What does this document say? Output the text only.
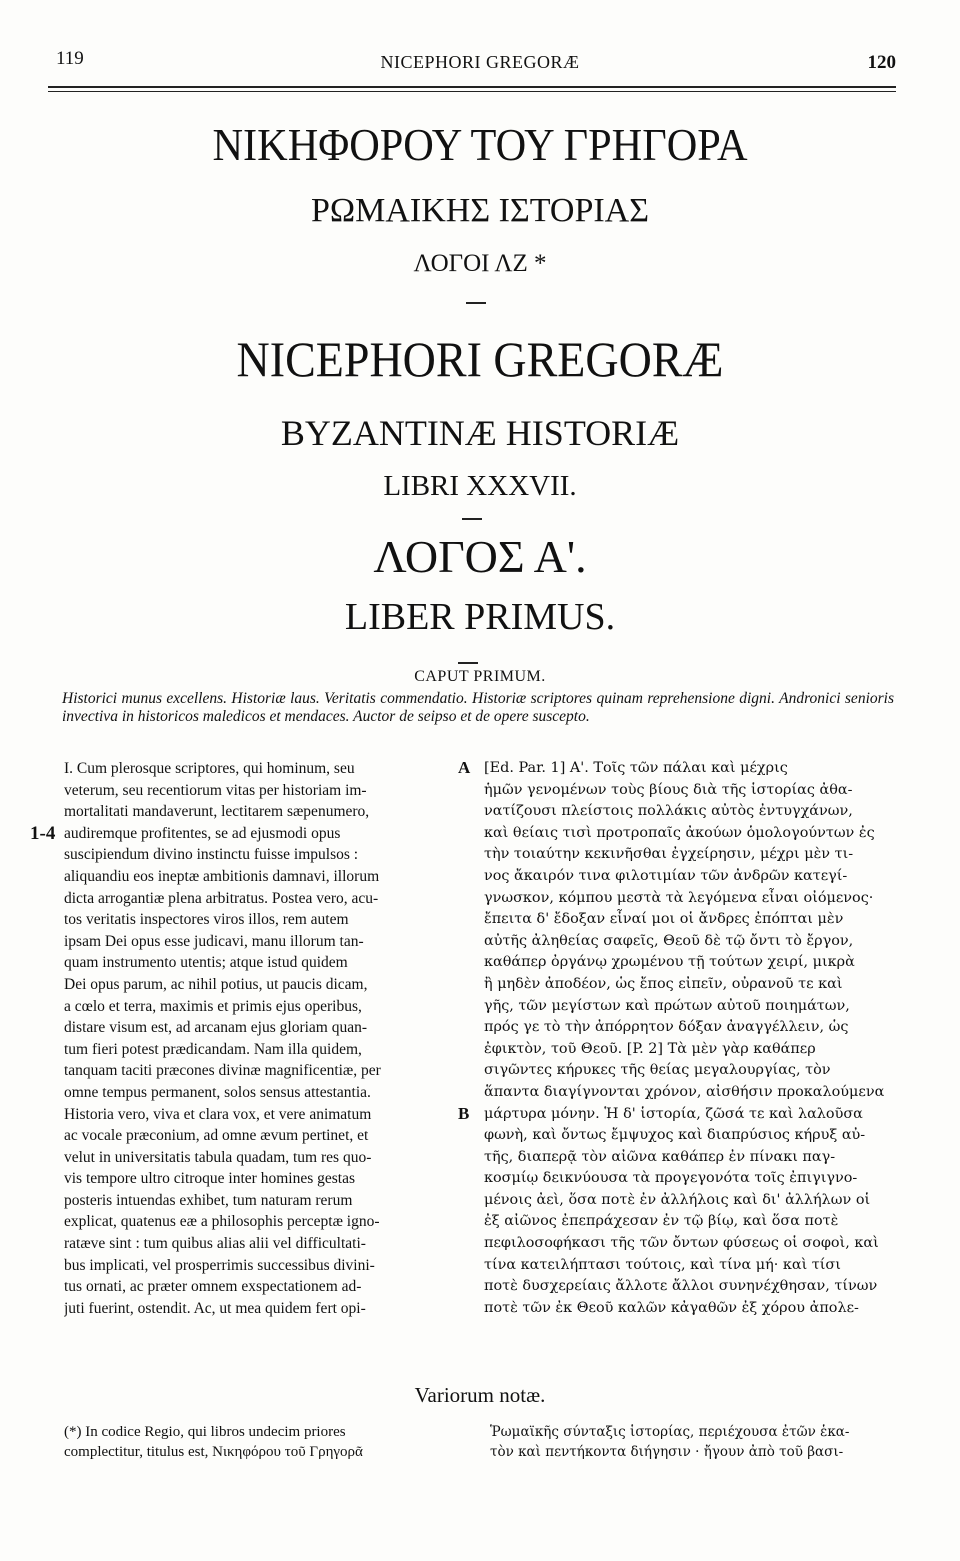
119	NICEPHORI GREGORÆ	120
ΝΙΚΗΦΟΡΟΥ ΤΟΥ ΓΡΗΓΟΡΑ
ΡΩΜΑΙΚΗΣ ΙΣΤΟΡΙΑΣ
ΛΟΓΟΙ ΛΖ *
NICEPHORI GREGORÆ
BYZANTINÆ HISTORIÆ
LIBRI XXXVII.
ΛΟΓΟΣ Α'.
LIBER PRIMUS.
CAPUT PRIMUM.
Historici munus excellens. Historiæ laus. Veritatis commendatio. Historiæ scriptores quinam reprehensione digni. Andronici senioris invectiva in historicos maledicos et mendaces. Auctor de seipso et de opere suscepto.
I. Cum plerosque scriptores, qui hominum, seu
veterum, seu recentiorum vitas per historiam im-
mortalitati mandaverunt, lectitarem sæpenumero,
audiremque profitentes, se ad ejusmodi opus
suscipiendum divino instinctu fuisse impulsos :
aliquandiu eos ineptæ ambitionis damnavi, illorum
dicta arrogantiæ plena arbitratus. Postea vero, acu-
tos veritatis inspectores viros illos, rem autem
ipsam Dei opus esse judicavi, manu illorum tan-
quam instrumento utentis; atque istud quidem
Dei opus parum, ac nihil potius, ut paucis dicam,
a cœlo et terra, maximis et primis ejus operibus,
distare visum est, ad arcanam ejus gloriam quan-
tum fieri potest prædicandam. Nam illa quidem,
tanquam taciti præcones divinæ magnificentiæ, per
omne tempus permanent, solos sensus attestantia.
Historia vero, viva et clara vox, et vere animatum
ac vocale præconium, ad omne ævum pertinet, et
velut in universitatis tabula quadam, tum res quo-
vis tempore ultro citroque inter homines gestas
posteris intuendas exhibet, tum naturam rerum
explicat, quatenus eæ a philosophis perceptæ igno-
ratæve sint : tum quibus alias alii vel difficultati-
bus implicati, vel prosperrimis successibus divini-
tus ornati, ac præter omnem exspectationem ad-
juti fuerint, ostendit. Ac, ut mea quidem fert opi-
A
B
1-4
[Ed. Par. 1] Α'. Τοῖς τῶν πάλαι καὶ μέχρις
ἡμῶν γενομένων τοὺς βίους διὰ τῆς ἱστορίας ἀθα-
νατίζουσι πλείστοις πολλάκις αὐτὸς ἐντυγχάνων,
καὶ θείαις τισὶ προτροπαῖς ἀκούων ὁμολογούντων ἐς
τὴν τοιαύτην κεκινῆσθαι ἐγχείρησιν, μέχρι μὲν τι-
νος ἄκαιρόν τινα φιλοτιμίαν τῶν ἀνδρῶν κατεγί-
γνωσκον, κόμπου μεστὰ τὰ λεγόμενα εἶναι οἰόμενος·
ἔπειτα δ' ἔδοξαν εἶναί μοι οἱ ἄνδρες ἐπόπται μὲν
αὐτῆς ἀληθείας σαφεῖς, Θεοῦ δὲ τῷ ὄντι τὸ ἔργον,
καθάπερ ὀργάνῳ χρωμένου τῇ τούτων χειρί, μικρὰ
ἢ μηδὲν ἀποδέον, ὡς ἔπος εἰπεῖν, οὐρανοῦ τε καὶ
γῆς, τῶν μεγίστων καὶ πρώτων αὐτοῦ ποιημάτων,
πρός γε τὸ τὴν ἀπόρρητον δόξαν ἀναγγέλλειν, ὡς
ἐφικτὸν, τοῦ Θεοῦ. [P. 2] Τὰ μὲν γὰρ καθάπερ
σιγῶντες κήρυκες τῆς θείας μεγαλουργίας, τὸν
ἅπαντα διαγίγνονται χρόνον, αἰσθήσιν προκαλούμενα
μάρτυρα μόνην. Ἡ δ' ἱστορία, ζῶσά τε καὶ λαλοῦσα
φωνὴ, καὶ ὄντως ἔμψυχος καὶ διαπρύσιος κήρυξ αὐ-
τῆς, διαπερᾷ τὸν αἰῶνα καθάπερ ἐν πίνακι παγ-
κοσμίῳ δεικνύουσα τὰ προγεγονότα τοῖς ἐπιγιγνο-
μένοις ἀεὶ, ὅσα ποτὲ ἐν ἀλλήλοις καὶ δι' ἀλλήλων οἱ
ἐξ αἰῶνος ἐπεπράχεσαν ἐν τῷ βίῳ, καὶ ὅσα ποτὲ
πεφιλοσοφήκασι τῆς τῶν ὄντων φύσεως οἱ σοφοὶ, καὶ
τίνα κατειλήπτασι τούτοις, καὶ τίνα μή· καὶ τίσι
ποτὲ δυσχερείαις ἄλλοτε ἄλλοι συνηνέχθησαν, τίνων
ποτὲ τῶν ἐκ Θεοῦ καλῶν κἀγαθῶν ἐξ χόρου ἀπολε-
Variorum notæ.
(*) In codice Regio, qui libros undecim priores
complectitur, titulus est, Νικηφόρου τοῦ Γρηγορᾶ
Ῥωμαϊκῆς σύνταξις ἱστορίας, περιέχουσα ἐτῶν ἑκα-
τὸν καὶ πεντήκοντα διήγησιν · ἤγουν ἀπὸ τοῦ βασι-
